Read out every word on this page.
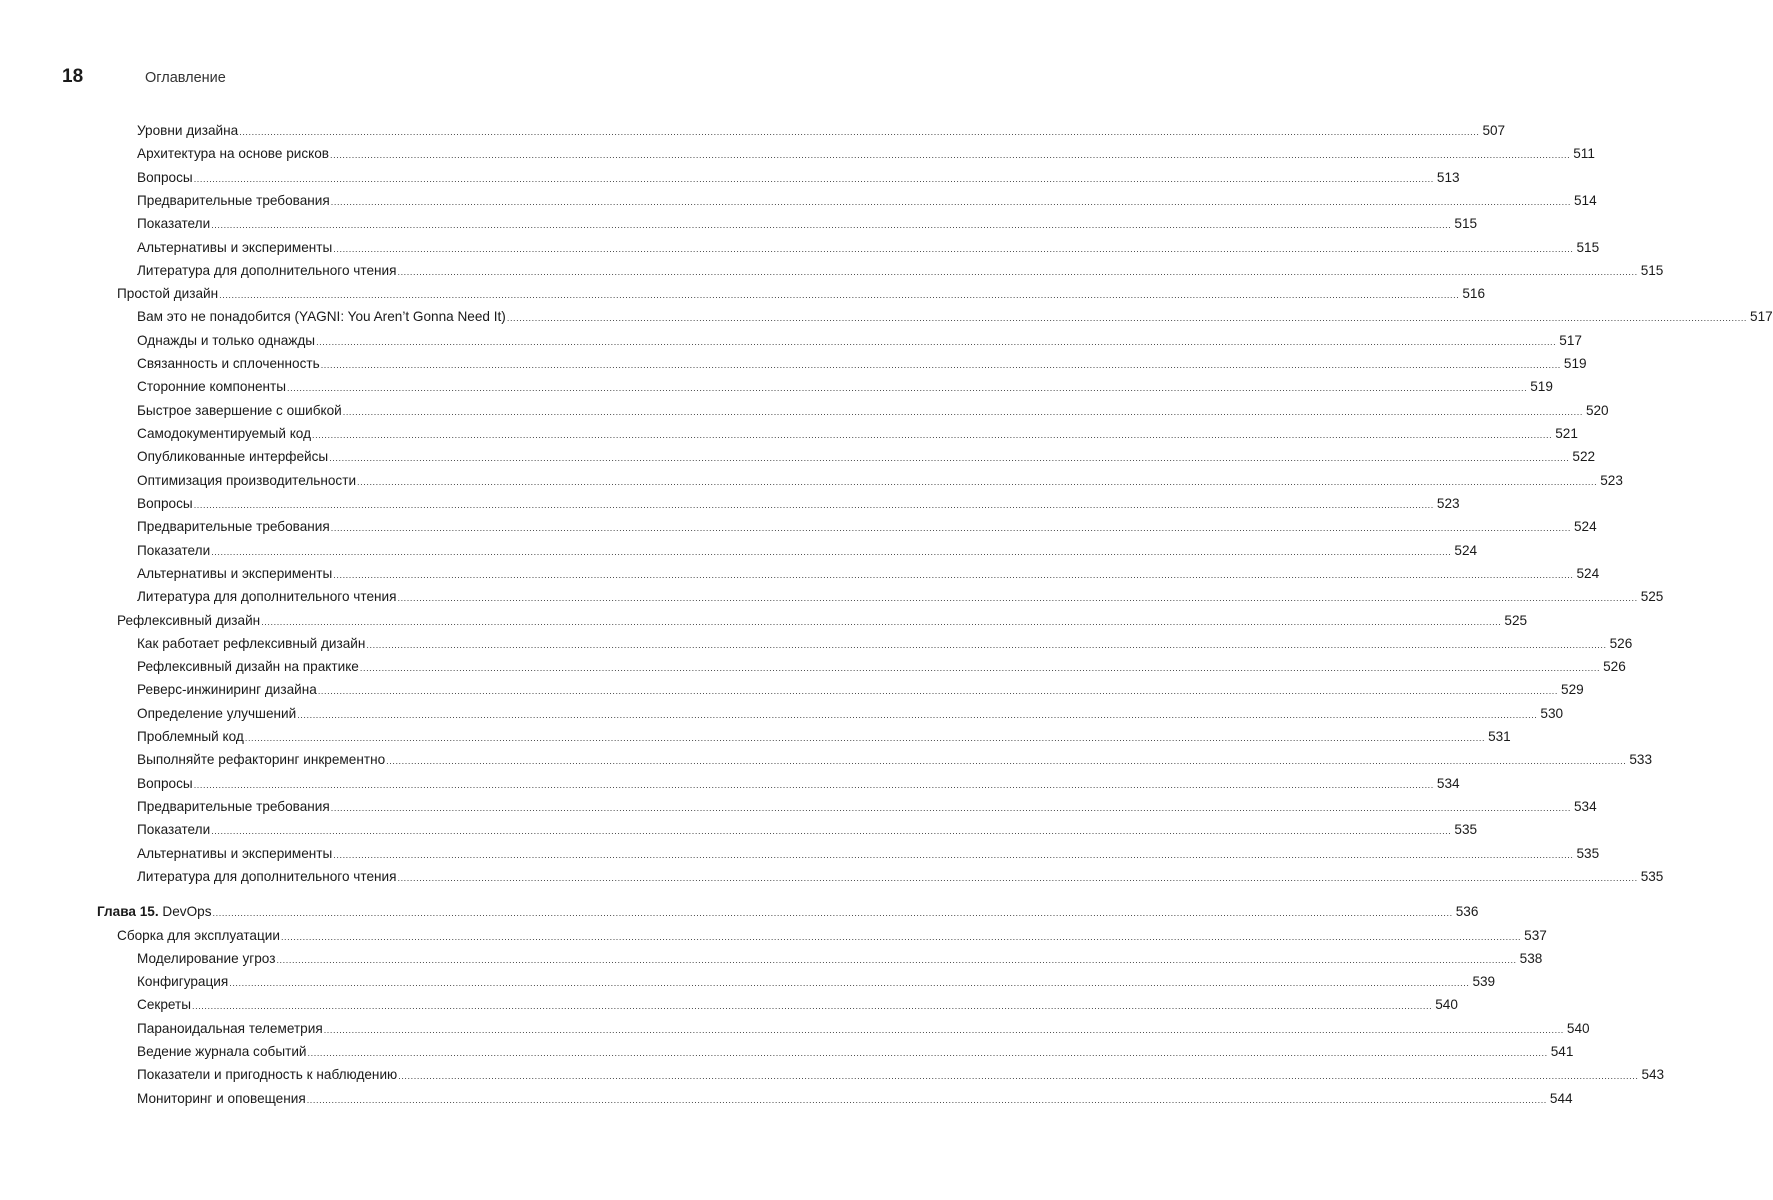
18	Оглавление
Уровни дизайна ................................................................................................................................................................................................................................................................................................................................................................................................................ 507
Архитектура на основе рисков ................................................................................................................................................................................................................................................................................................................................................................................................................ 511
Вопросы ................................................................................................................................................................................................................................................................................................................................................................................................................ 513
Предварительные требования ................................................................................................................................................................................................................................................................................................................................................................................................................ 514
Показатели ................................................................................................................................................................................................................................................................................................................................................................................................................ 515
Альтернативы и эксперименты ................................................................................................................................................................................................................................................................................................................................................................................................................ 515
Литература для дополнительного чтения ................................................................................................................................................................................................................................................................................................................................................................................................................ 515
Простой дизайн ................................................................................................................................................................................................................................................................................................................................................................................................................ 516
Вам это не понадобится (YAGNI: You Aren’t Gonna Need It) ................................................................................................................................................................................................................................................................................................................................................................................................................ 517
Однажды и только однажды ................................................................................................................................................................................................................................................................................................................................................................................................................ 517
Связанность и сплоченность ................................................................................................................................................................................................................................................................................................................................................................................................................ 519
Сторонние компоненты ................................................................................................................................................................................................................................................................................................................................................................................................................ 519
Быстрое завершение с ошибкой ................................................................................................................................................................................................................................................................................................................................................................................................................ 520
Самодокументируемый код ................................................................................................................................................................................................................................................................................................................................................................................................................ 521
Опубликованные интерфейсы ................................................................................................................................................................................................................................................................................................................................................................................................................ 522
Оптимизация производительности ................................................................................................................................................................................................................................................................................................................................................................................................................ 523
Вопросы ................................................................................................................................................................................................................................................................................................................................................................................................................ 523
Предварительные требования ................................................................................................................................................................................................................................................................................................................................................................................................................ 524
Показатели ................................................................................................................................................................................................................................................................................................................................................................................................................ 524
Альтернативы и эксперименты ................................................................................................................................................................................................................................................................................................................................................................................................................ 524
Литература для дополнительного чтения ................................................................................................................................................................................................................................................................................................................................................................................................................ 525
Рефлексивный дизайн ................................................................................................................................................................................................................................................................................................................................................................................................................ 525
Как работает рефлексивный дизайн ................................................................................................................................................................................................................................................................................................................................................................................................................ 526
Рефлексивный дизайн на практике ................................................................................................................................................................................................................................................................................................................................................................................................................ 526
Реверс-инжиниринг дизайна ................................................................................................................................................................................................................................................................................................................................................................................................................ 529
Определение улучшений ................................................................................................................................................................................................................................................................................................................................................................................................................ 530
Проблемный код ................................................................................................................................................................................................................................................................................................................................................................................................................ 531
Выполняйте рефакторинг инкрементно ................................................................................................................................................................................................................................................................................................................................................................................................................ 533
Вопросы ................................................................................................................................................................................................................................................................................................................................................................................................................ 534
Предварительные требования ................................................................................................................................................................................................................................................................................................................................................................................................................ 534
Показатели ................................................................................................................................................................................................................................................................................................................................................................................................................ 535
Альтернативы и эксперименты ................................................................................................................................................................................................................................................................................................................................................................................................................ 535
Литература для дополнительного чтения ................................................................................................................................................................................................................................................................................................................................................................................................................ 535
Глава 15. DevOps ................................................................................................................................................................................................................................................................................................................................................................................................................ 536
Сборка для эксплуатации ................................................................................................................................................................................................................................................................................................................................................................................................................ 537
Моделирование угроз ................................................................................................................................................................................................................................................................................................................................................................................................................ 538
Конфигурация ................................................................................................................................................................................................................................................................................................................................................................................................................ 539
Секреты ................................................................................................................................................................................................................................................................................................................................................................................................................ 540
Параноидальная телеметрия ................................................................................................................................................................................................................................................................................................................................................................................................................ 540
Ведение журнала событий ................................................................................................................................................................................................................................................................................................................................................................................................................ 541
Показатели и пригодность к наблюдению ................................................................................................................................................................................................................................................................................................................................................................................................................ 543
Мониторинг и оповещения ................................................................................................................................................................................................................................................................................................................................................................................................................ 544
